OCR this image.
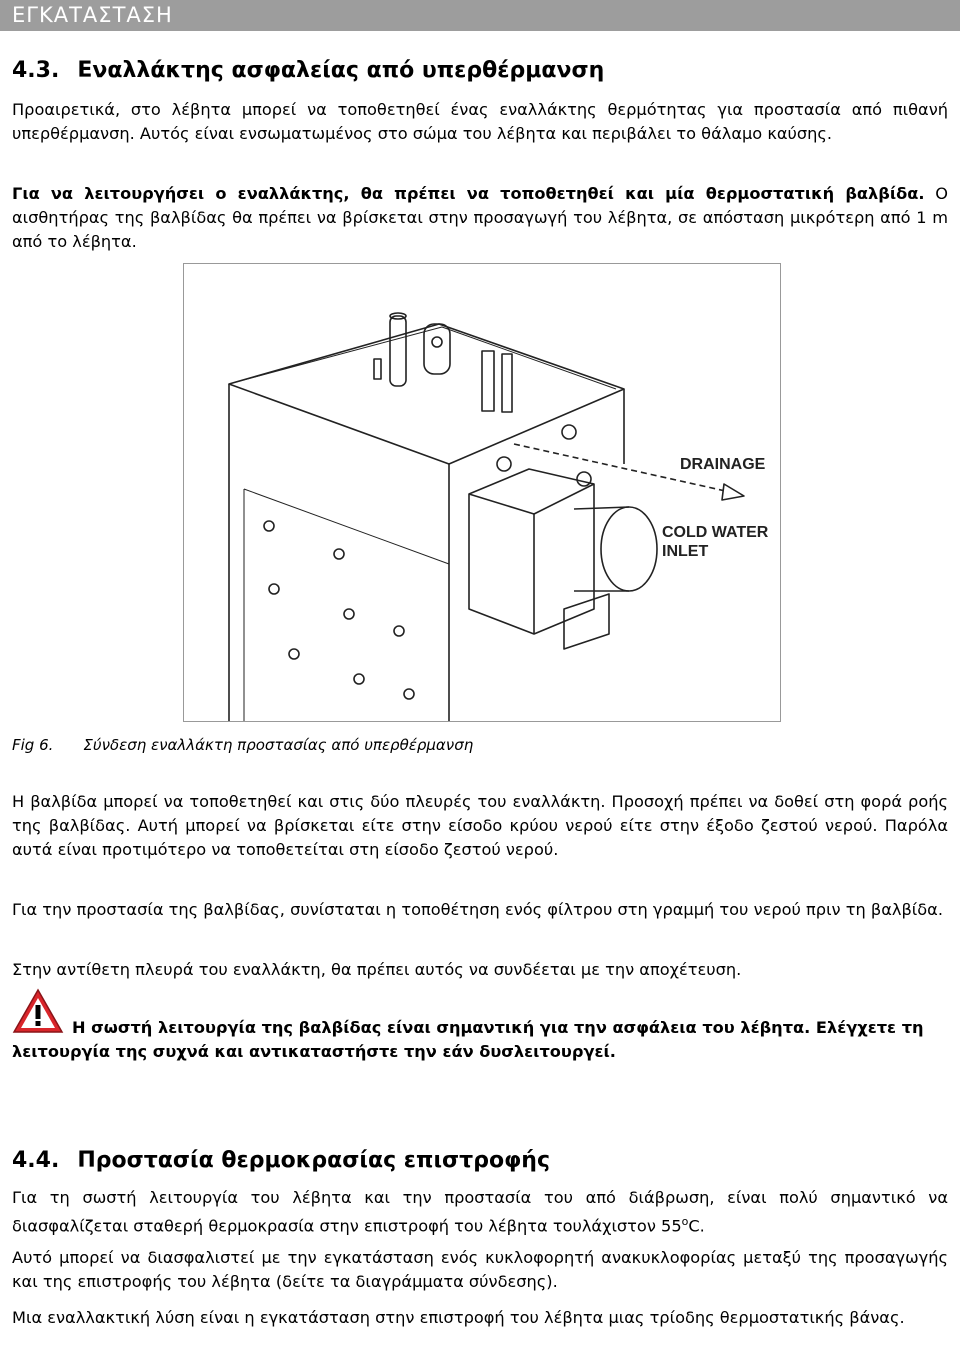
ΕΓΚΑΤΑΣΤΑΣΗ
4.3. Εναλλάκτης ασφαλείας από υπερθέρμανση
Προαιρετικά, στο λέβητα μπορεί να τοποθετηθεί ένας εναλλάκτης θερμότητας για προστασία από πιθανή υπερθέρμανση. Αυτός είναι ενσωματωμένος στο σώμα του λέβητα και περιβάλει το θάλαμο καύσης.
Για να λειτουργήσει ο εναλλάκτης, θα πρέπει να τοποθετηθεί και μία θερμοστατική βαλβίδα. Ο αισθητήρας της βαλβίδας θα πρέπει να βρίσκεται στην προσαγωγή του λέβητα, σε απόσταση μικρότερη από 1 m από το λέβητα.
DRAINAGE
COLD WATER
INLET
Fig 6. Σύνδεση εναλλάκτη προστασίας από υπερθέρμανση
Η βαλβίδα μπορεί να τοποθετηθεί και στις δύο πλευρές του εναλλάκτη. Προσοχή πρέπει να δοθεί στη φορά ροής της βαλβίδας. Αυτή μπορεί να βρίσκεται είτε στην είσοδο κρύου νερού είτε στην έξοδο ζεστού νερού. Παρόλα αυτά είναι προτιμότερο να τοποθετείται στη είσοδο ζεστού νερού.
Για την προστασία της βαλβίδας, συνίσταται η τοποθέτηση ενός φίλτρου στη γραμμή του νερού πριν τη βαλβίδα.
Στην αντίθετη πλευρά του εναλλάκτη, θα πρέπει αυτός να συνδέεται με την αποχέτευση.
Η σωστή λειτουργία της βαλβίδας είναι σημαντική για την ασφάλεια του λέβητα. Ελέγχετε τη λειτουργία της συχνά και αντικαταστήστε την εάν δυσλειτουργεί.
4.4. Προστασία θερμοκρασίας επιστροφής
Για τη σωστή λειτουργία του λέβητα και την προστασία του από διάβρωση, είναι πολύ σημαντικό να διασφαλίζεται σταθερή θερμοκρασία στην επιστροφή του λέβητα τουλάχιστον 55$^o$C.
Αυτό μπορεί να διασφαλιστεί με την εγκατάσταση ενός κυκλοφορητή ανακυκλοφορίας μεταξύ της προσαγωγής και της επιστροφής του λέβητα (δείτε τα διαγράμματα σύνδεσης).
Μια εναλλακτική λύση είναι η εγκατάσταση στην επιστροφή του λέβητα μιας τρίοδης θερμοστατικής βάνας.
